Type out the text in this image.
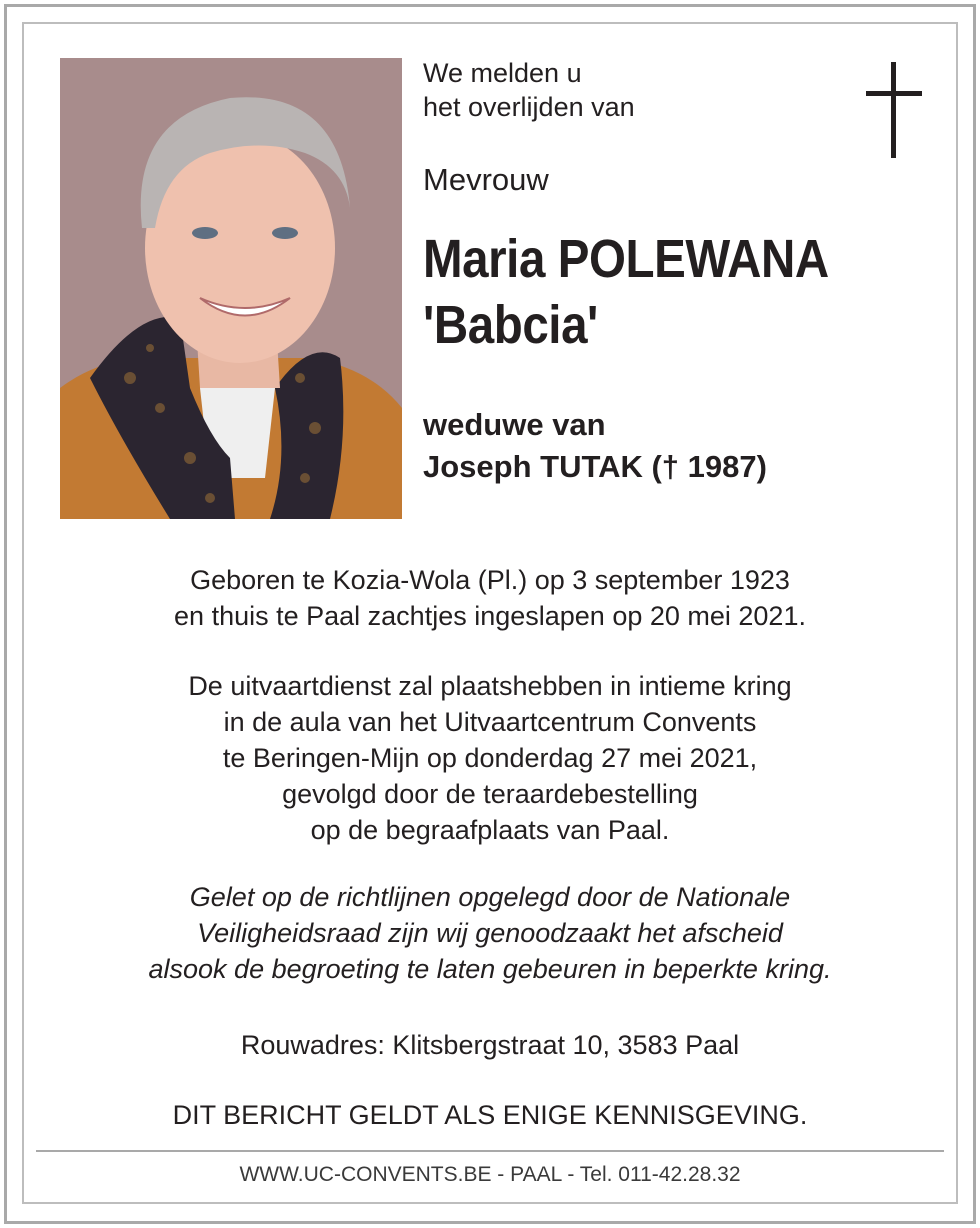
We melden u
het overlijden van
Mevrouw
Maria POLEWANA
'Babcia'
weduwe van
Joseph TUTAK († 1987)
Geboren te Kozia-Wola (Pl.) op 3 september 1923
en thuis te Paal zachtjes ingeslapen op 20 mei 2021.
De uitvaartdienst zal plaatshebben in intieme kring
in de aula van het Uitvaartcentrum Convents
te Beringen-Mijn op donderdag 27 mei 2021,
gevolgd door de teraardebestelling
op de begraafplaats van Paal.
Gelet op de richtlijnen opgelegd door de Nationale
Veiligheidsraad zijn wij genoodzaakt het afscheid
alsook de begroeting te laten gebeuren in beperkte kring.
Rouwadres: Klitsbergstraat 10, 3583 Paal
DIT BERICHT GELDT ALS ENIGE KENNISGEVING.
WWW.UC-CONVENTS.BE - PAAL - Tel. 011-42.28.32
